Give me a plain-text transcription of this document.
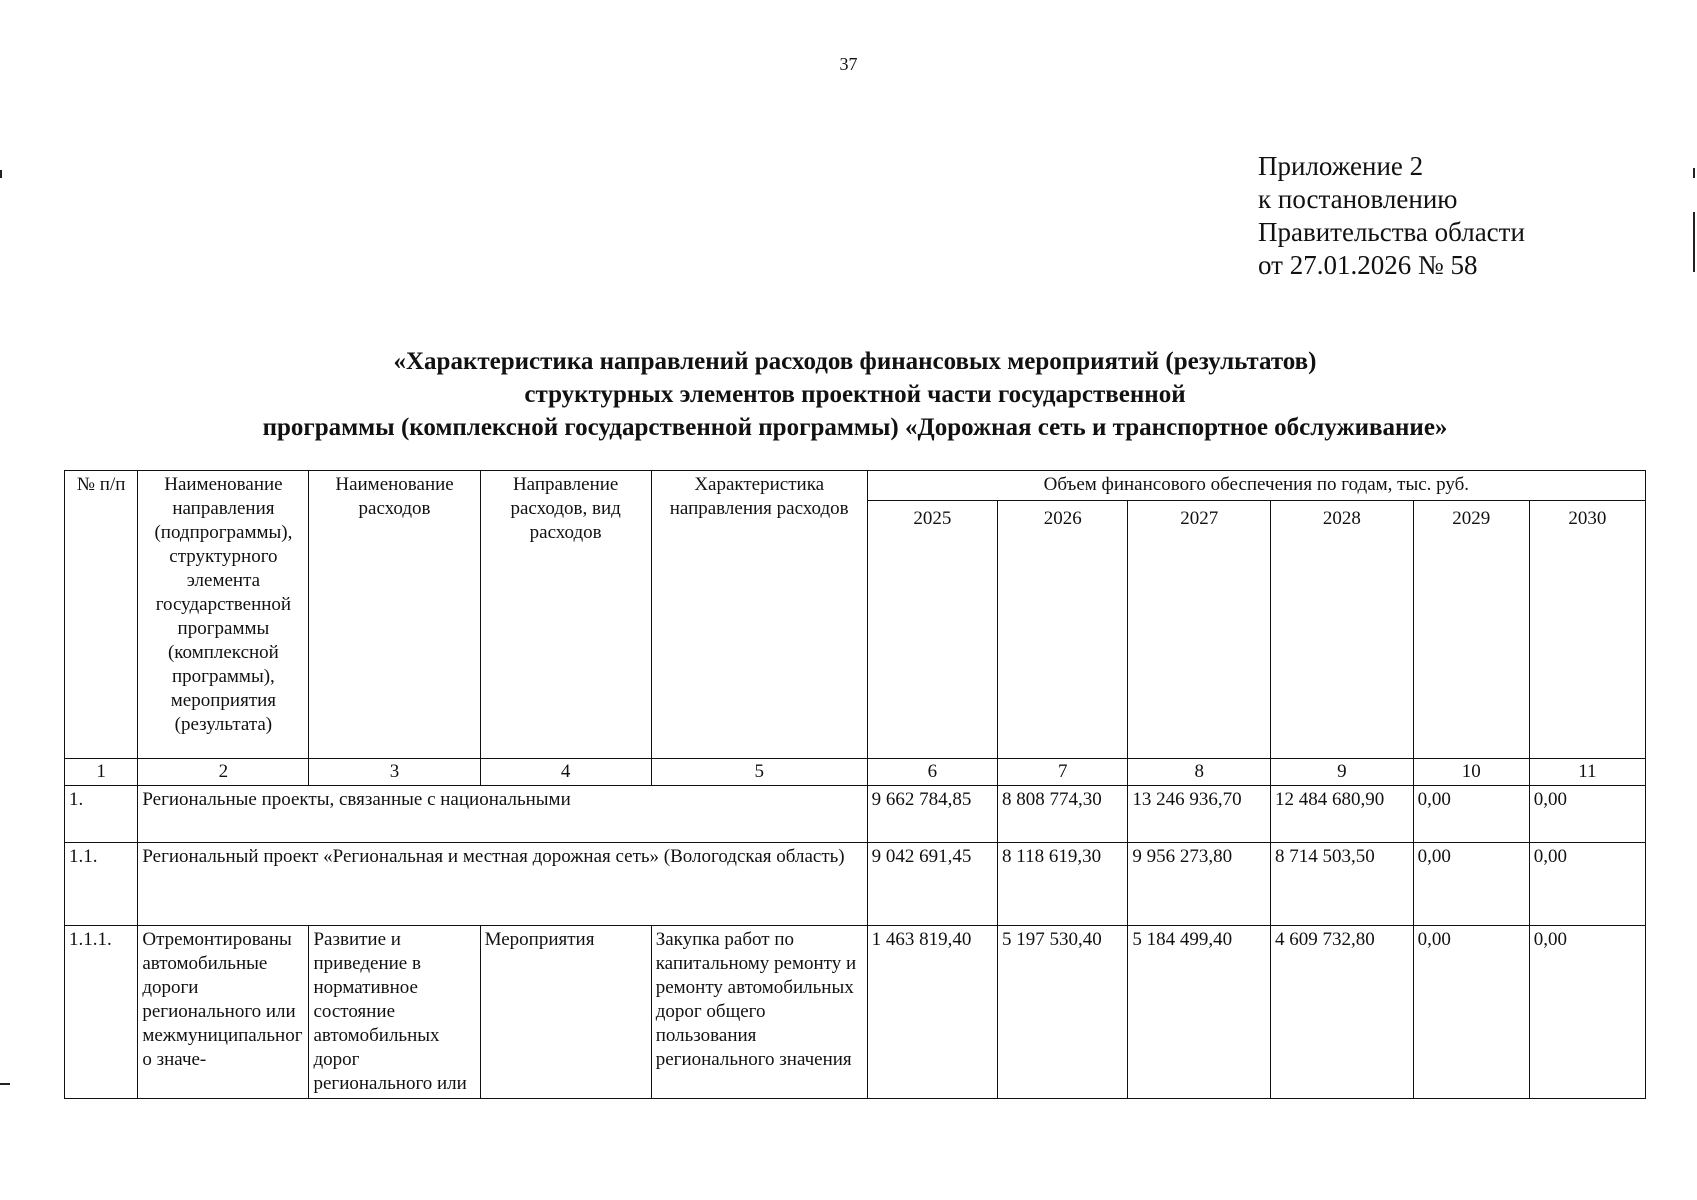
37
Приложение 2
к постановлению
Правительства области
от 27.01.2026 № 58
«Характеристика направлений расходов финансовых мероприятий (результатов)
структурных элементов проектной части государственной
программы (комплексной государственной программы) «Дорожная сеть и транспортное обслуживание»
№ п/п	Наименование направления (подпрограммы), структурного элемента государственной программы (комплексной программы), мероприятия (результата)	Наименование расходов	Направление расходов, вид расходов	Характеристика направления расходов	Объем финансового обеспечения по годам, тыс. руб.					

					2025	2026	2027	2028	2029	2030

1	2	3	4	5	6	7	8	9	10	11
1.	Региональные проекты, связанные с национальными				9 662 784,85	8 808 774,30	13 246 936,70	12 484 680,90	0,00	0,00
1.1.	Региональный проект «Региональная и местная дорожная сеть» (Вологодская область)				9 042 691,45	8 118 619,30	9 956 273,80	8 714 503,50	0,00	0,00
1.1.1.	Отремонтированы автомобильные дороги регионального или межмуниципального значе-	Развитие и приведение в нормативное состояние автомобильных дорог регионального или	Мероприятия	Закупка работ по капитальному ремонту и ремонту автомобильных дорог общего пользования регионального значения	1 463 819,40	5 197 530,40	5 184 499,40	4 609 732,80	0,00	0,00
